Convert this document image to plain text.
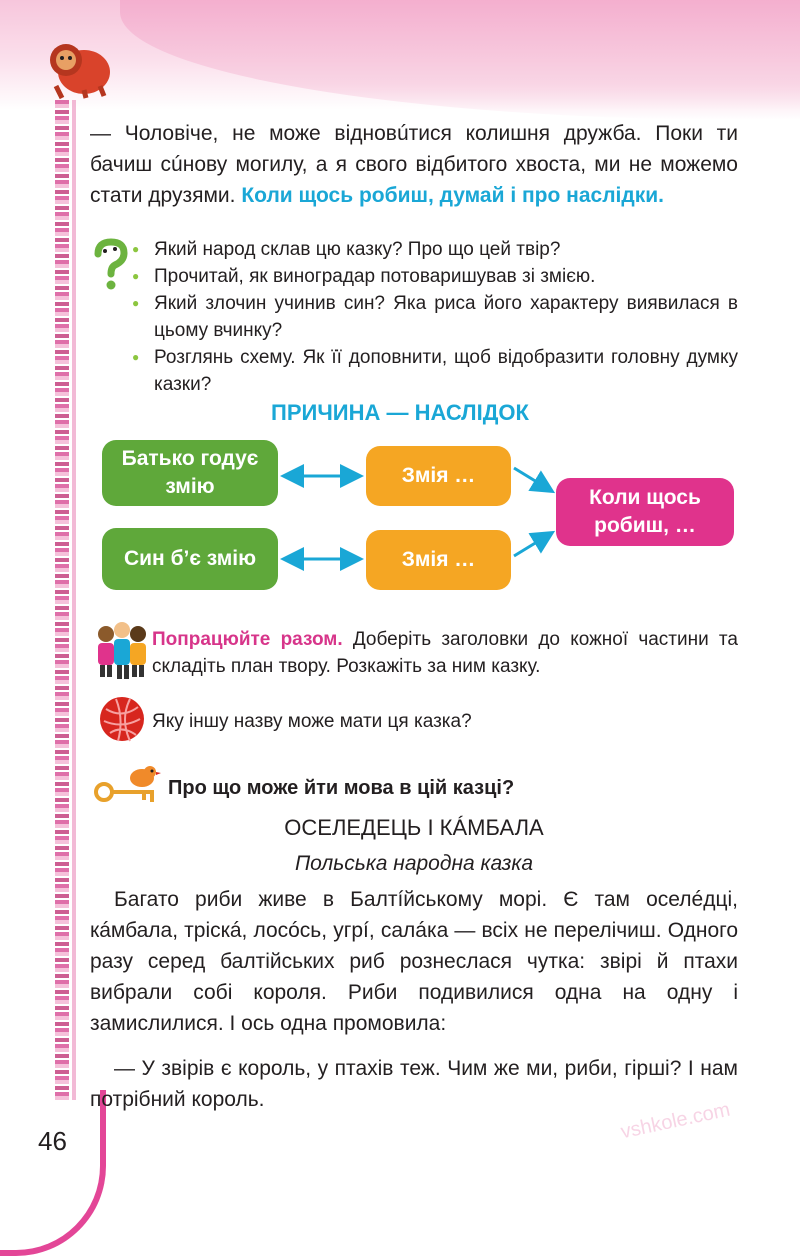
— Чоловіче, не може відновúтися колишня дружба. Поки ти бачиш сúнову могилу, а я свого відбитого хвоста, ми не можемо стати друзями. Коли щось робиш, думай і про наслідки.

● Який народ склав цю казку? Про що цей твір?
● Прочитай, як виноградар потоваришував зі змією.
● Який злочин учинив син? Яка риса його характеру виявилася в цьому вчинку?
● Розглянь схему. Як її доповнити, щоб відобразити головну думку казки?
ПРИЧИНА — НАСЛІДОК
Батько годує змію
Син б’є змію
Змія …
Змія …
Коли щось робиш, …

Попрацюйте разом. Доберіть заголовки до кожної частини та складіть план твору. Розкажіть за ним казку.

Яку іншу назву може мати ця казка?

Про що може йти мова в цій казці?

ОСЕЛЕДЕЦЬ І КÁМБАЛА

Польська народна казка

Багато риби живе в Балтíйському морі. Є там оселéдці, кáмбала, тріскá, лосóсь, угрí, салáка — всіх не перелічиш. Одного разу серед балтійських риб рознеслася чутка: звірі й птахи вибрали собі короля. Риби подивилися одна на одну і замислилися. І ось одна промовила:

— У звірів є король, у птахів теж. Чим же ми, риби, гірші? І нам потрібний король.

46	vshkole.com
